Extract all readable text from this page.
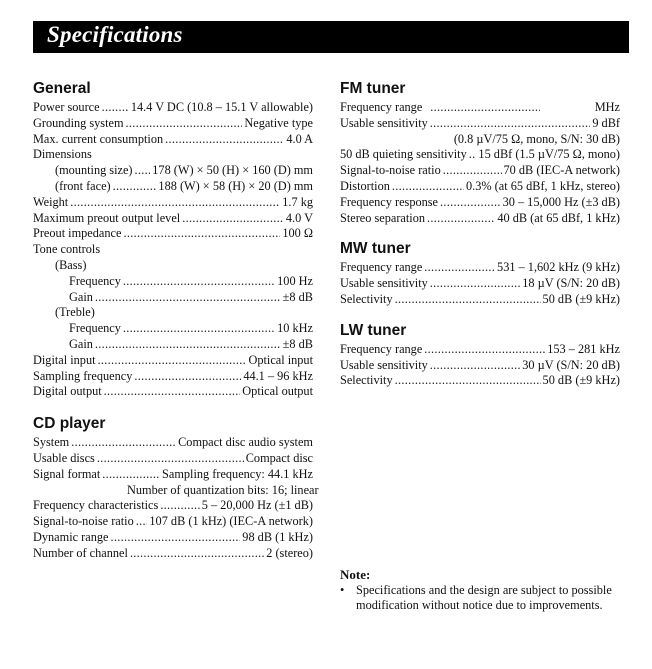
Specifications
General
Power source .....	14.4 V DC (10.8 – 15.1 V allowable)
Grounding system .....	Negative type
Max. current consumption .....	4.0 A
Dimensions
(mounting size) ..... 178 (W) × 50 (H) × 160 (D) mm
(front face) .....	188 (W) × 58 (H) × 20 (D) mm
Weight .....	1.7 kg
Maximum preout output level .....	4.0 V
Preout impedance .....	100 Ω
Tone controls
(Bass)
Frequency .....	100 Hz
Gain .....	±8 dB
(Treble)
Frequency .....	10 kHz
Gain .....	±8 dB
Digital input .....	Optical input
Sampling frequency .....	44.1 – 96 kHz
Digital output .....	Optical output
CD player
System .....	Compact disc audio system
Usable discs .....	Compact disc
Signal format .....	Sampling frequency: 44.1 kHz
Number of quantization bits: 16; linear
Frequency characteristics .....	5 – 20,000 Hz (±1 dB)
Signal-to-noise ratio ..... 107 dB (1 kHz) (IEC-A network)
Dynamic range .....	98 dB (1 kHz)
Number of channel .....	2 (stereo)
FM tuner
Frequency range .....	MHz
Usable sensitivity .....	9 dBf
(0.8 µV/75 Ω, mono, S/N: 30 dB)
50 dB quieting sensitivity ..... 15 dBf (1.5 µV/75 Ω, mono)
Signal-to-noise ratio .....	70 dB (IEC-A network)
Distortion .....	0.3% (at 65 dBf, 1 kHz, stereo)
Frequency response .....	30 – 15,000 Hz (±3 dB)
Stereo separation .....	40 dB (at 65 dBf, 1 kHz)
MW tuner
Frequency range .....	531 – 1,602 kHz (9 kHz)
Usable sensitivity .....	18 µV (S/N: 20 dB)
Selectivity .....	50 dB (±9 kHz)
LW tuner
Frequency range .....	153 – 281 kHz
Usable sensitivity .....	30 µV (S/N: 20 dB)
Selectivity .....	50 dB (±9 kHz)
Note:
• Specifications and the design are subject to possible modification without notice due to improvements.
